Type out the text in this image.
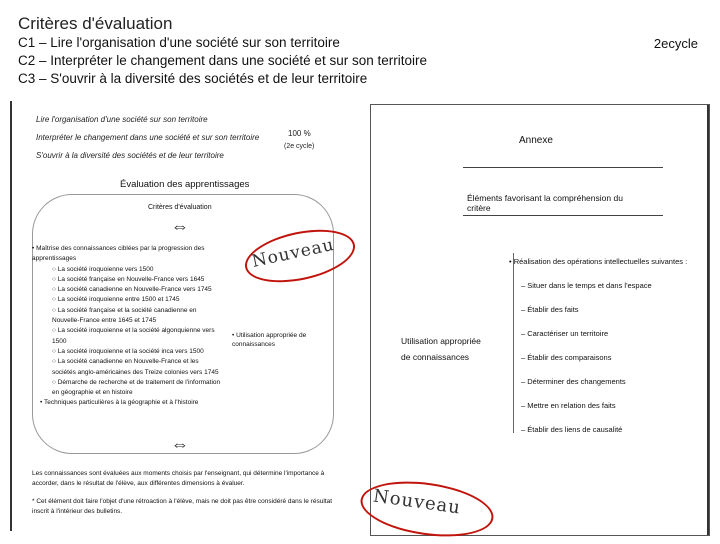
Critères d'évaluation
C1 – Lire l'organisation d'une société sur son territoire
C2 – Interpréter le changement dans une société et sur son territoire
C3 – S'ouvrir à la diversité des sociétés et de leur territoire
2ecycle
Lire l'organisation d'une société sur son territoire
Interpréter le changement dans une société et sur son territoire
S'ouvrir à la diversité des sociétés et de leur territoire
100 %
(2e cycle)
Évaluation des apprentissages
Critères d'évaluation
⇔
• Maîtrise des connaissances ciblées par la progression des apprentissages
○ La société iroquoienne vers 1500
○ La société française en Nouvelle-France vers 1645
○ La société canadienne en Nouvelle-France vers 1745
○ La société iroquoienne entre 1500 et 1745
○ La société française et la société canadienne en Nouvelle-France entre 1645 et 1745
○ La société iroquoienne et la société algonquienne vers 1500
○ La société iroquoienne et la société inca vers 1500
○ La société canadienne en Nouvelle-France et les sociétés anglo-américaines des Treize colonies vers 1745
○ Démarche de recherche et de traitement de l'information en géographie et en histoire
• Techniques particulières à la géographie et à l'histoire
• Utilisation appropriée de connaissances
⇔
Les connaissances sont évaluées aux moments choisis par l'enseignant, qui détermine l'importance à accorder, dans le résultat de l'élève, aux différentes dimensions à évaluer.
* Cet élément doit faire l'objet d'une rétroaction à l'élève, mais ne doit pas être considéré dans le résultat inscrit à l'intérieur des bulletins.
Annexe
Éléments favorisant la compréhension du critère
Utilisation appropriée de connaissances
• Réalisation des opérations intellectuelles suivantes :
– Situer dans le temps et dans l'espace
– Établir des faits
– Caractériser un territoire
– Établir des comparaisons
– Déterminer des changements
– Mettre en relation des faits
– Établir des liens de causalité
Nouveau
Nouveau
